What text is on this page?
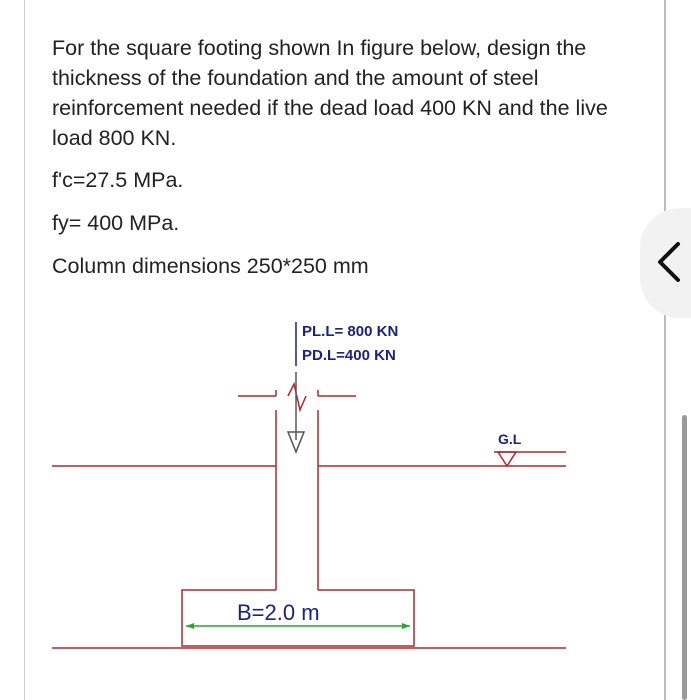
For the square footing shown In figure below, design the thickness of the foundation and the amount of steel reinforcement needed if the dead load 400 KN and the live load 800 KN.

f'c=27.5 MPa.
fy= 400 MPa.
Column dimensions 250*250 mm
PL.L= 800 KN
PD.L=400 KN
G.L
B=2.0 m
